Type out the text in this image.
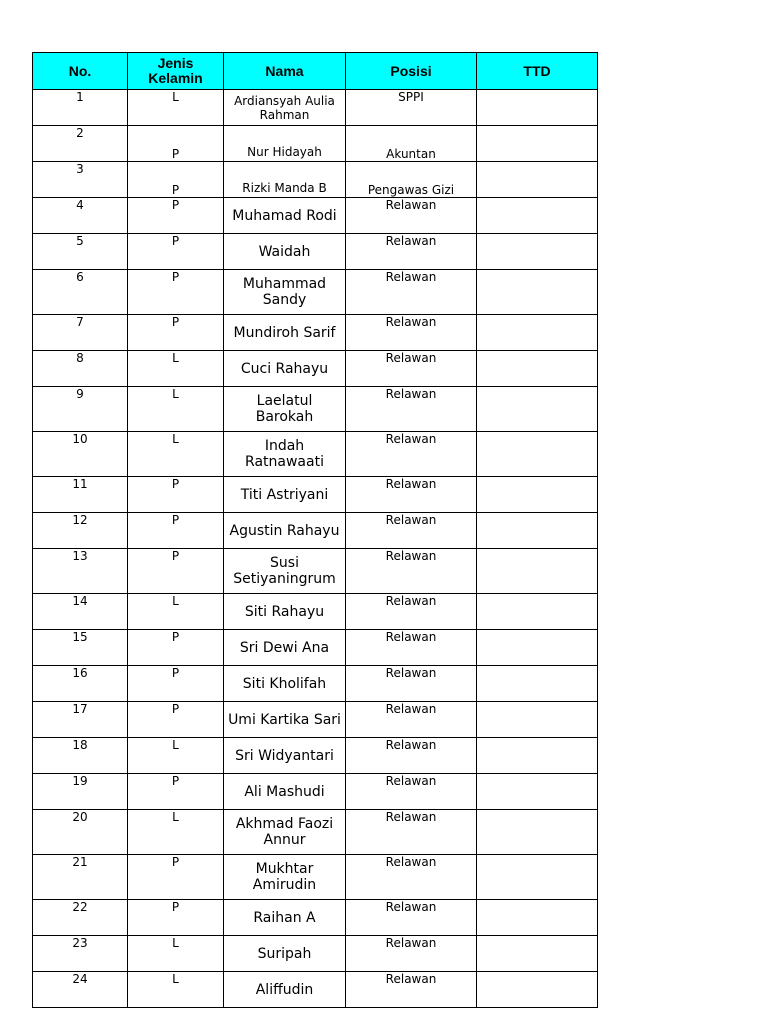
No.	Jenis Kelamin	Nama	Posisi	TTD
1	L	Ardiansyah Aulia Rahman	SPPI	
2	P	Nur Hidayah	Akuntan	
3	P	Rizki Manda B	Pengawas Gizi	
4	P	Muhamad Rodi	Relawan	
5	P	Waidah	Relawan	
6	P	Muhammad Sandy	Relawan	
7	P	Mundiroh Sarif	Relawan	
8	L	Cuci Rahayu	Relawan	
9	L	Laelatul Barokah	Relawan	
10	L	Indah Ratnawaati	Relawan	
11	P	Titi Astriyani	Relawan	
12	P	Agustin Rahayu	Relawan	
13	P	Susi Setiyaningrum	Relawan	
14	L	Siti Rahayu	Relawan	
15	P	Sri Dewi Ana	Relawan	
16	P	Siti Kholifah	Relawan	
17	P	Umi Kartika Sari	Relawan	
18	L	Sri Widyantari	Relawan	
19	P	Ali Mashudi	Relawan	
20	L	Akhmad Faozi Annur	Relawan	
21	P	Mukhtar Amirudin	Relawan	
22	P	Raihan A	Relawan	
23	L	Suripah	Relawan	
24	L	Aliffudin	Relawan	
